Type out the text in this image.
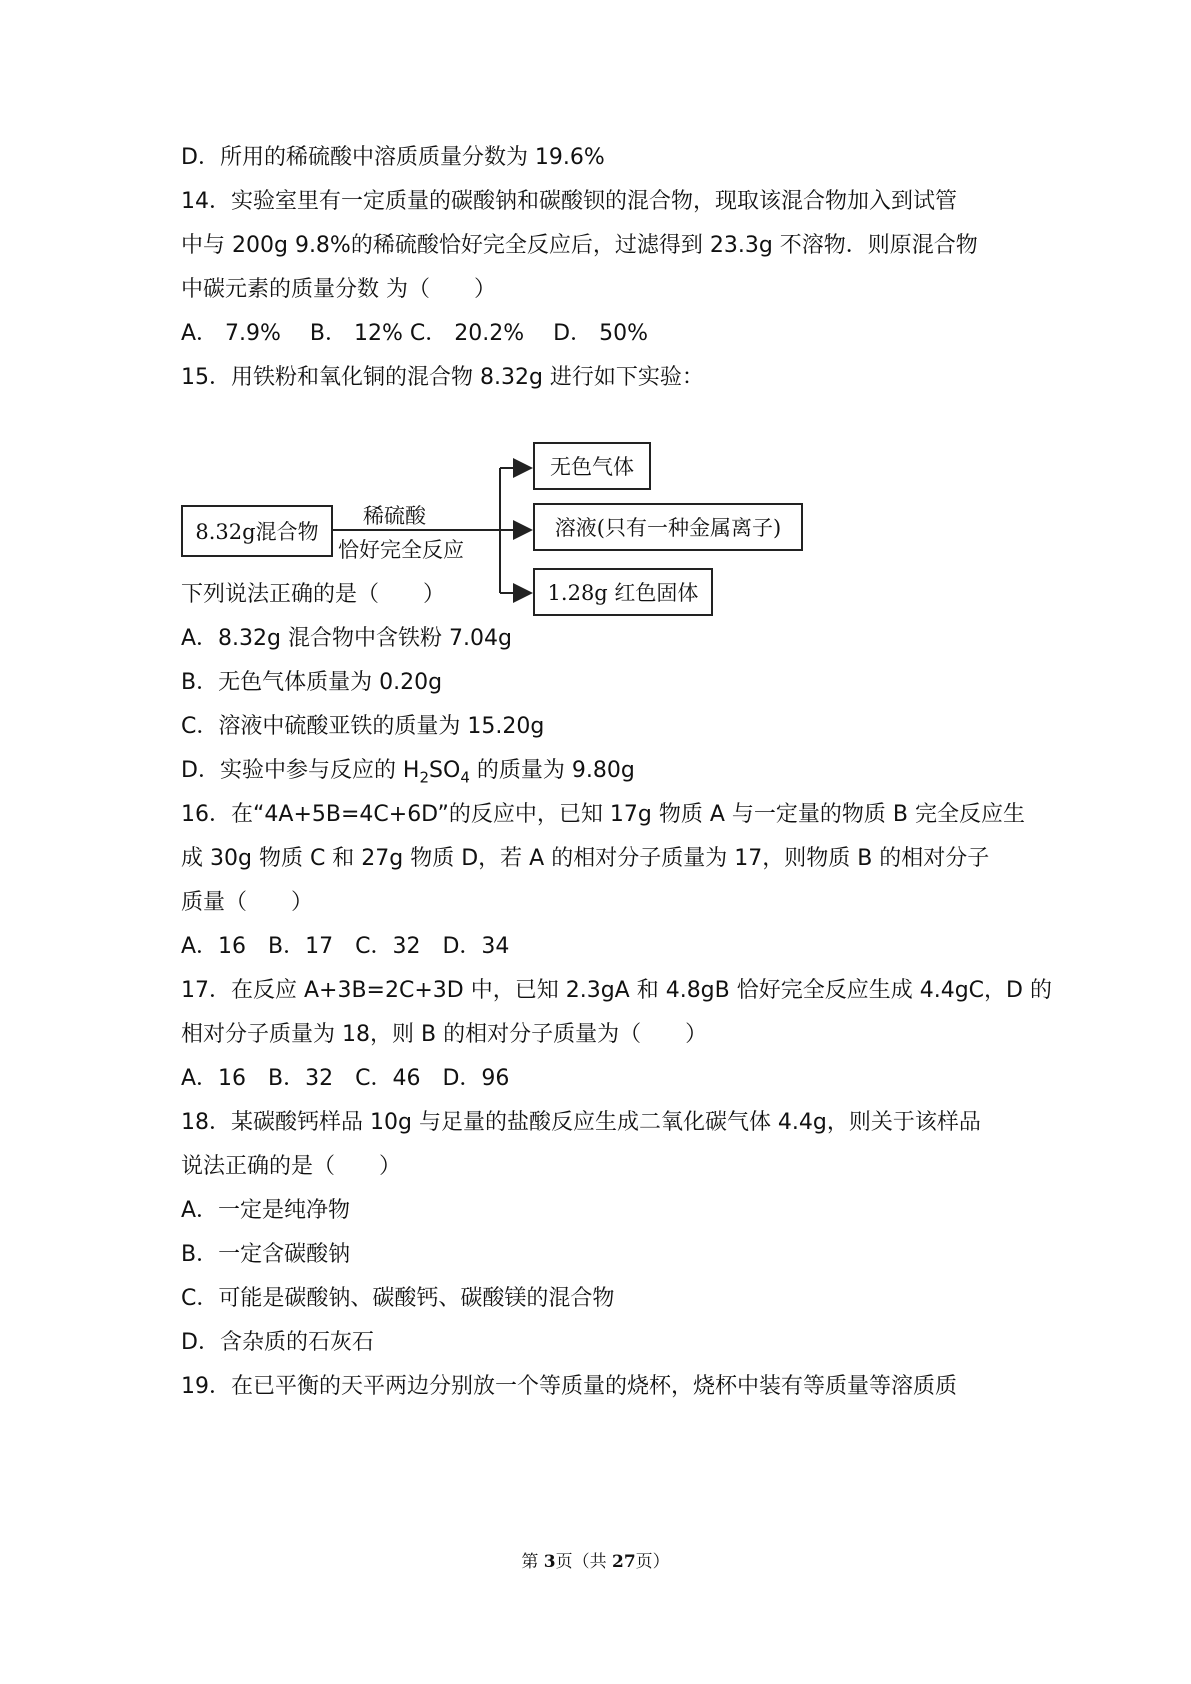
D．所用的稀硫酸中溶质质量分数为 19.6%
14．实验室里有一定质量的碳酸钠和碳酸钡的混合物，现取该混合物加入到试管
中与 200g 9.8%的稀硫酸恰好完全反应后，过滤得到 23.3g 不溶物．则原混合物
中碳元素的质量分数 为（　　）
A． 7.9%　 B． 12% C． 20.2%　 D． 50%
15．用铁粉和氧化铜的混合物 8.32g 进行如下实验：
8.32g混合物
稀硫酸
恰好完全反应
无色气体
溶液(只有一种金属离子)
1.28g 红色固体
下列说法正确的是（　　）
A．8.32g 混合物中含铁粉 7.04g
B．无色气体质量为 0.20g
C．溶液中硫酸亚铁的质量为 15.20g
D．实验中参与反应的 $H_2SO_4$ 的质量为 9.80g
16．在“4A+5B=4C+6D”的反应中，已知 17g 物质 A 与一定量的物质 B 完全反应生
成 30g 物质 C 和 27g 物质 D，若 A 的相对分子质量为 17，则物质 B 的相对分子
质量（　　）
A．16　B．17　C．32　D．34
17．在反应 A+3B=2C+3D 中，已知 2.3gA 和 4.8gB 恰好完全反应生成 4.4gC，D 的
相对分子质量为 18，则 B 的相对分子质量为（　　）
A．16　B．32　C．46　D．96
18．某碳酸钙样品 10g 与足量的盐酸反应生成二氧化碳气体 4.4g，则关于该样品
说法正确的是（　　）
A．一定是纯净物
B．一定含碳酸钠
C．可能是碳酸钠、碳酸钙、碳酸镁的混合物
D．含杂质的石灰石
19．在已平衡的天平两边分别放一个等质量的烧杯，烧杯中装有等质量等溶质质
第 3页（共 27页）
